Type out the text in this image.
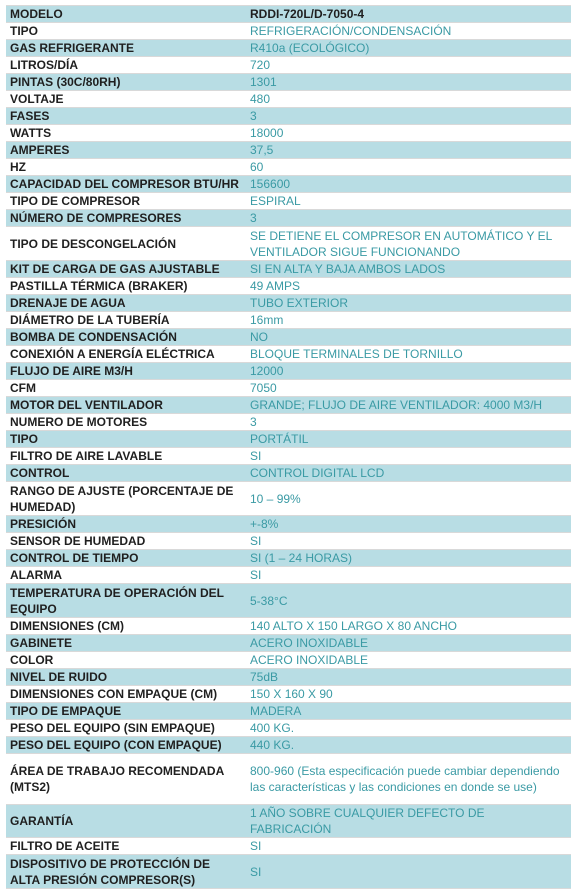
MODELO	RDDI-720L/D-7050-4
TIPO	REFRIGERACIÓN/CONDENSACIÓN
GAS REFRIGERANTE	R410a (ECOLÓGICO)
LITROS/DÍA	720
PINTAS (30C/80RH)	1301
VOLTAJE	480
FASES	3
WATTS	18000
AMPERES	37,5
HZ	60
CAPACIDAD DEL COMPRESOR BTU/HR	156600
TIPO DE COMPRESOR	ESPIRAL
NÚMERO DE COMPRESORES	3
TIPO DE DESCONGELACIÓN	SE DETIENE EL COMPRESOR EN AUTOMÁTICO Y EL VENTILADOR SIGUE FUNCIONANDO
KIT DE CARGA DE GAS AJUSTABLE	SI EN ALTA Y BAJA AMBOS LADOS
PASTILLA TÉRMICA (BRAKER)	49 AMPS
DRENAJE DE AGUA	TUBO EXTERIOR
DIÁMETRO DE LA TUBERÍA	16mm
BOMBA DE CONDENSACIÓN	NO
CONEXIÓN A ENERGÍA ELÉCTRICA	BLOQUE TERMINALES DE TORNILLO
FLUJO DE AIRE M3/H	12000
CFM	7050
MOTOR DEL VENTILADOR	GRANDE; FLUJO DE AIRE VENTILADOR: 4000 M3/H
NUMERO DE MOTORES	3
TIPO	PORTÁTIL
FILTRO DE AIRE LAVABLE	SI
CONTROL	CONTROL DIGITAL LCD
RANGO DE AJUSTE (PORCENTAJE DE HUMEDAD)	10 – 99%
PRESICIÓN	+-8%
SENSOR DE HUMEDAD	SI
CONTROL DE TIEMPO	SI (1 – 24 HORAS)
ALARMA	SI
TEMPERATURA DE OPERACIÓN DEL EQUIPO	5-38°C
DIMENSIONES (CM)	140 ALTO X 150 LARGO X 80 ANCHO
GABINETE	ACERO INOXIDABLE
COLOR	ACERO INOXIDABLE
NIVEL DE RUIDO	75dB
DIMENSIONES CON EMPAQUE (CM)	150 X 160 X 90
TIPO DE EMPAQUE	MADERA
PESO DEL EQUIPO (SIN EMPAQUE)	400 KG.
PESO DEL EQUIPO (CON EMPAQUE)	440 KG.
ÁREA DE TRABAJO RECOMENDADA (MTS2)	800-960 (Esta especificación puede cambiar dependiendo las características y las condiciones en donde se use)
GARANTÍA	1 AÑO SOBRE CUALQUIER DEFECTO DE FABRICACIÓN
FILTRO DE ACEITE	SI
DISPOSITIVO DE PROTECCIÓN DE ALTA PRESIÓN COMPRESOR(S)	SI
